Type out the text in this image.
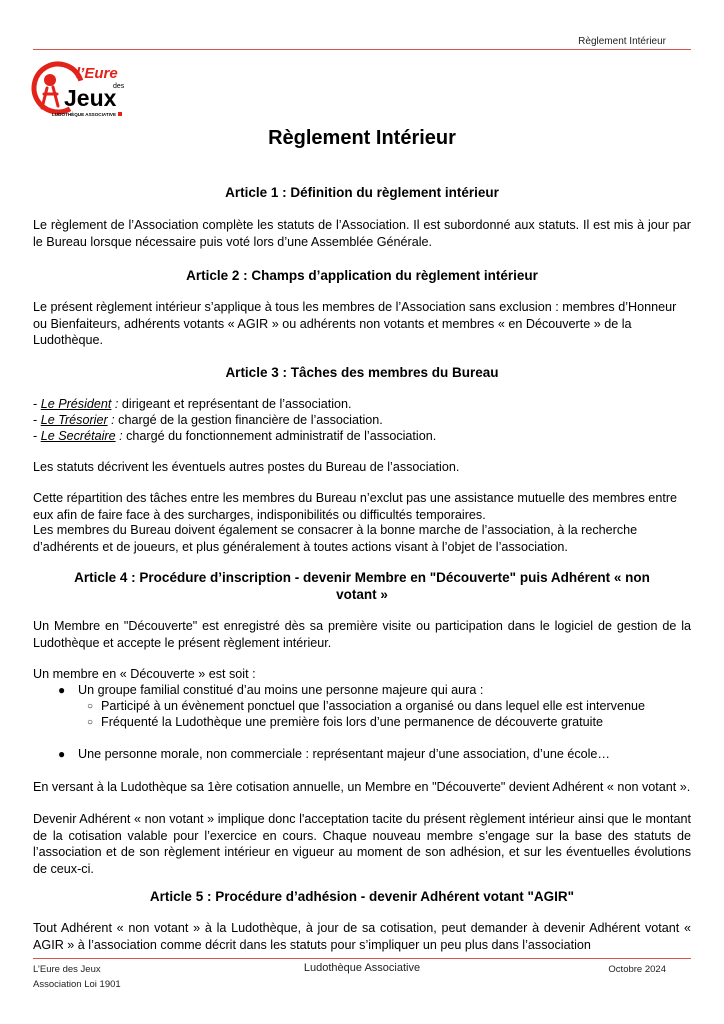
Règlement Intérieur
l’Eure
des
Jeux
LUDOTHÈQUE ASSOCIATIVE
Règlement Intérieur
Article 1 : Définition du règlement intérieur

Le règlement de l’Association complète les statuts de l’Association. Il est subordonné aux statuts. Il est mis à jour par le Bureau lorsque nécessaire puis voté lors d’une Assemblée Générale.

Article 2 : Champs d’application du règlement intérieur

Le présent règlement intérieur s’applique à tous les membres de l’Association sans exclusion : membres d’Honneur ou Bienfaiteurs, adhérents votants « AGIR » ou adhérents non votants et membres « en Découverte » de la Ludothèque.

Article 3 : Tâches des membres du Bureau
- Le Président : dirigeant et représentant de l’association.
- Le Trésorier : chargé de la gestion financière de l’association.
- Le Secrétaire : chargé du fonctionnement administratif de l’association.

Les statuts décrivent les éventuels autres postes du Bureau de l’association.

Cette répartition des tâches entre les membres du Bureau n’exclut pas une assistance mutuelle des membres entre eux afin de faire face à des surcharges, indisponibilités ou difficultés temporaires.

Les membres du Bureau doivent également se consacrer à la bonne marche de l’association, à la recherche d’adhérents et de joueurs, et plus généralement à toutes actions visant à l’objet de l’association.

Article 4 : Procédure d’inscription - devenir Membre en "Découverte" puis Adhérent « non votant »

Un Membre en "Découverte" est enregistré dès sa première visite ou participation dans le logiciel de gestion de la Ludothèque et accepte le présent règlement intérieur.

Un membre en « Découverte » est soit :

● Un groupe familial constitué d’au moins une personne majeure qui aura :
○ Participé à un évènement ponctuel que l’association a organisé ou dans lequel elle est intervenue
○ Fréquenté la Ludothèque une première fois lors d’une permanence de découverte gratuite
● Une personne morale, non commerciale : représentant majeur d’une association, d’une école…

En versant à la Ludothèque sa 1ère cotisation annuelle, un Membre en "Découverte" devient Adhérent « non votant ».

Devenir Adhérent « non votant » implique donc l'acceptation tacite du présent règlement intérieur ainsi que le montant de la cotisation valable pour l’exercice en cours. Chaque nouveau membre s’engage sur la base des statuts de l’association et de son règlement intérieur en vigueur au moment de son adhésion, et sur les éventuelles évolutions de ceux-ci.

Article 5 : Procédure d’adhésion - devenir Adhérent votant "AGIR"

Tout Adhérent « non votant » à la Ludothèque, à jour de sa cotisation, peut demander à devenir Adhérent votant « AGIR » à l’association comme décrit dans les statuts pour s’impliquer un peu plus dans l’association

L’Eure des Jeux
Association Loi 1901
Ludothèque Associative	Octobre 2024
